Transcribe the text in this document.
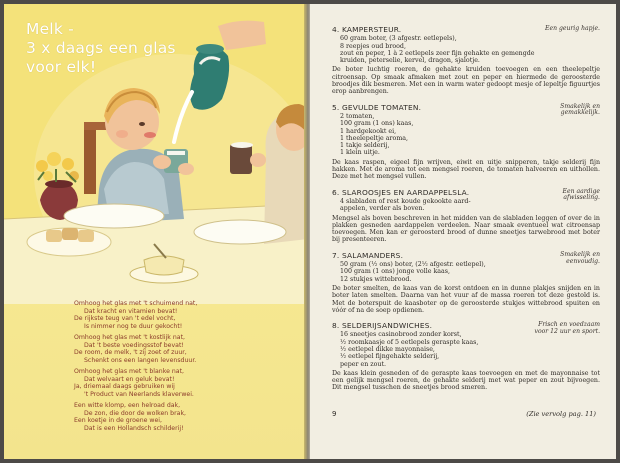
Melk -
3 x daags een glas
voor elk!
Omhoog het glas met 't schuimend nat,
Dat kracht en vitamien bevat!
De rijkste teug van 't edel vocht,
Is nimmer nog te duur gekocht!
Omhoog het glas met 't kostlijk nat,
Dat 't beste voedingsstof bevat!
De room, de melk, 't zij zoet of zuur,
Schenkt ons een langen levensduur.
Omhoog het glas met 't blanke nat,
Dat welvaart en geluk bevat!
Ja, driemaal daags gebruiken wij
't Product van Neerlands klaverwei.
Een witte klomp, een helroad dak,
De zon, die door de wolken brak,
Een koetje in de groene wei,
Dat is een Hollandsch schilderij!
4. KAMPERSTEUR.	Een geurig hapje.
60 gram boter, (3 afgestr. eetlepels),
8 reepjes oud brood,
zout en peper, 1 à 2 eetlepels zeer fijn gehakte en gemengde
kruiden, peterselie, kervel, dragon, sjalotje.
De boter luchtig roeren, de gehakte kruiden toevoegen en een theelepeltje citroensap. Op smaak afmaken met zout en peper en hiermede de geroosterde broodjes dik besmeren. Met een in warm water gedoopt mesje of lepeltje figuurtjes erop aanbrengen.
5. GEVULDE TOMATEN.	Smakelijk en gemakkelijk.
2 tomaten,
100 gram (1 ons) kaas,
1 hardgekookt ei,
1 theelepeltje aroma,
1 takje selderij,
1 klein uitje.
De kaas raspen, eigeel fijn wrijven, eiwit en uitje snipperen, takje selderij fijn hakken. Met de aroma tot een mengsel roeren, de tomaten halveeren en uithollen. Deze met het mengsel vullen.
6. SLAROOSJES EN AARDAPPELSLA.	Een aardige afwisseling.
4 slabladen of rest koude gekookte aard-
appelen, verder als boven.
Mengsel als boven beschreven in het midden van de slabladen leggen of over de in plakken gesneden aardappelen verdeelen. Naar smaak eventueel wat citroensap toevoegen. Men kan er geroosterd brood of dunne sneetjes tarwebrood met boter bij presenteeren.
7. SALAMANDERS.	Smakelijk en eenvoudig.
50 gram (½ ons) boter, (2½ afgestr. eetlepel),
100 gram (1 ons) jonge volle kaas,
12 stukjes wittebrood.
De boter smelten, de kaas van de korst ontdoen en in dunne plakjes snijden en in boter laten smelten. Daarna van het vuur af de massa roeren tot deze gestold is. Met de boterspuit de kaasboter op de geroosterde stukjes wittebrood spuiten en vóór of na de soep opdienen.
8. SELDERIJSANDWICHES.	Frisch en voedzaam voor 12 uur en sport.
16 sneetjes casinobrood zonder korst,
½ roomkaasje of 5 eetlepels geraspte kaas,
½ eetlepel dikke mayonnaise,
½ eetlepel fijngehakte selderij,
peper en zout.
De kaas klein gesneden of de geraspte kaas toevoegen en met de mayonnaise tot een gelijk mengsel roeren, de gehakte selderij met wat peper en zout bijvoegen. Dit mengsel tusschen de sneetjes brood smeren.
9	(Zie vervolg pag. 11)
